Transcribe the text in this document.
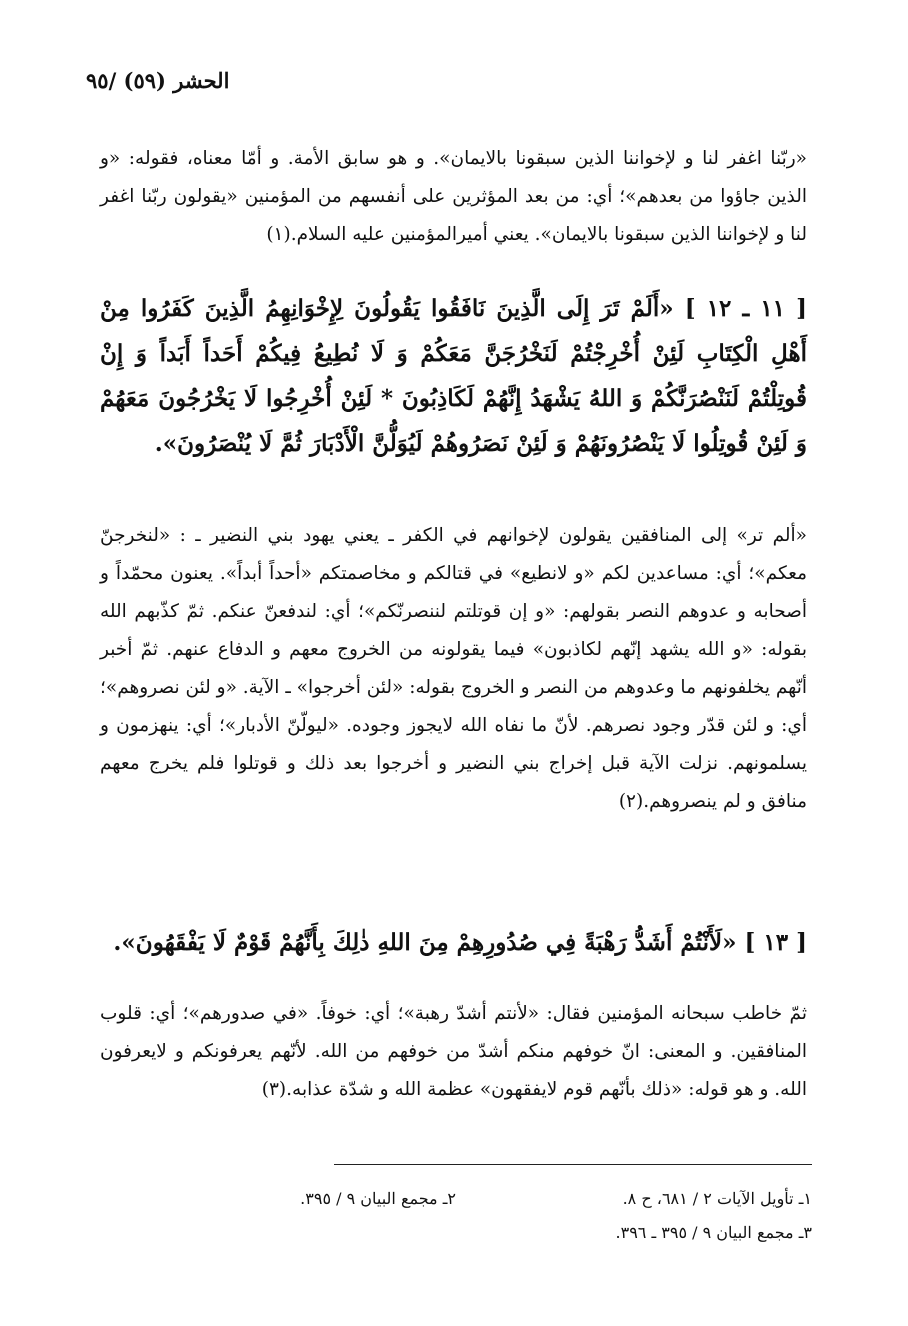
الحشر (٥٩) /٩٥
«ربّنا اغفر لنا و لإخواننا الذين سبقونا بالايمان». و هو سابق الأمة. و أمّا معناه، فقوله: «و الذين جاؤوا من بعدهم»؛ أي: من بعد المؤثرين على أنفسهم من المؤمنين «يقولون ربّنا اغفر لنا و لإخواننا الذين سبقونا بالايمان». يعني أميرالمؤمنين عليه السلام.(١)
[ ١١ ـ ١٢ ] «أَلَمْ تَرَ إِلَى الَّذِينَ نَافَقُوا يَقُولُونَ لِإِخْوَانِهِمُ الَّذِينَ كَفَرُوا مِنْ أَهْلِ الْكِتَابِ لَئِنْ أُخْرِجْتُمْ لَنَخْرُجَنَّ مَعَكُمْ وَ لَا نُطِيعُ فِيكُمْ أَحَداً أَبَداً وَ إِنْ قُوتِلْتُمْ لَنَنْصُرَنَّكُمْ وَ اللهُ يَشْهَدُ إِنَّهُمْ لَكَاذِبُونَ * لَئِنْ أُخْرِجُوا لَا يَخْرُجُونَ مَعَهُمْ وَ لَئِنْ قُوتِلُوا لَا يَنْصُرُونَهُمْ وَ لَئِنْ نَصَرُوهُمْ لَيُوَلُّنَّ الْأَدْبَارَ ثُمَّ لَا يُنْصَرُونَ».
«ألم تر» إلى المنافقين يقولون لإخوانهم في الكفر ـ يعني يهود بني النضير ـ : «لنخرجنّ معكم»؛ أي: مساعدين لكم «و لانطيع» في قتالكم و مخاصمتكم «أحداً أبداً». يعنون محمّداً و أصحابه و عدوهم النصر بقولهم: «و إن قوتلتم لننصرنّكم»؛ أي: لندفعنّ عنكم. ثمّ كذّبهم الله بقوله: «و الله يشهد إنّهم لكاذبون» فيما يقولونه من الخروج معهم و الدفاع عنهم. ثمّ أخبر أنّهم يخلفونهم ما وعدوهم من النصر و الخروج بقوله: «لئن أخرجوا» ـ الآية. «و لئن نصروهم»؛ أي: و لئن قدّر وجود نصرهم. لأنّ ما نفاه الله لايجوز وجوده. «ليولّنّ الأدبار»؛ أي: ينهزمون و يسلمونهم. نزلت الآية قبل إخراج بني النضير و أخرجوا بعد ذلك و قوتلوا فلم يخرج معهم منافق و لم ينصروهم.(٢)
[ ١٣ ] «لَأَنْتُمْ أَشَدُّ رَهْبَةً فِي صُدُورِهِمْ مِنَ اللهِ ذٰلِكَ بِأَنَّهُمْ قَوْمٌ لَا يَفْقَهُونَ».
ثمّ خاطب سبحانه المؤمنين فقال: «لأنتم أشدّ رهبة»؛ أي: خوفاً. «في صدورهم»؛ أي: قلوب المنافقين. و المعنى: انّ خوفهم منكم أشدّ من خوفهم من الله. لأنّهم يعرفونكم و لايعرفون الله. و هو قوله: «ذلك بأنّهم قوم لايفقهون» عظمة الله و شدّة عذابه.(٣)
١ـ تأويل الآيات ٢ / ٦٨١، ح ٨.
٢ـ مجمع البيان ٩ / ٣٩٥.
٣ـ مجمع البيان ٩ / ٣٩٥ ـ ٣٩٦.
